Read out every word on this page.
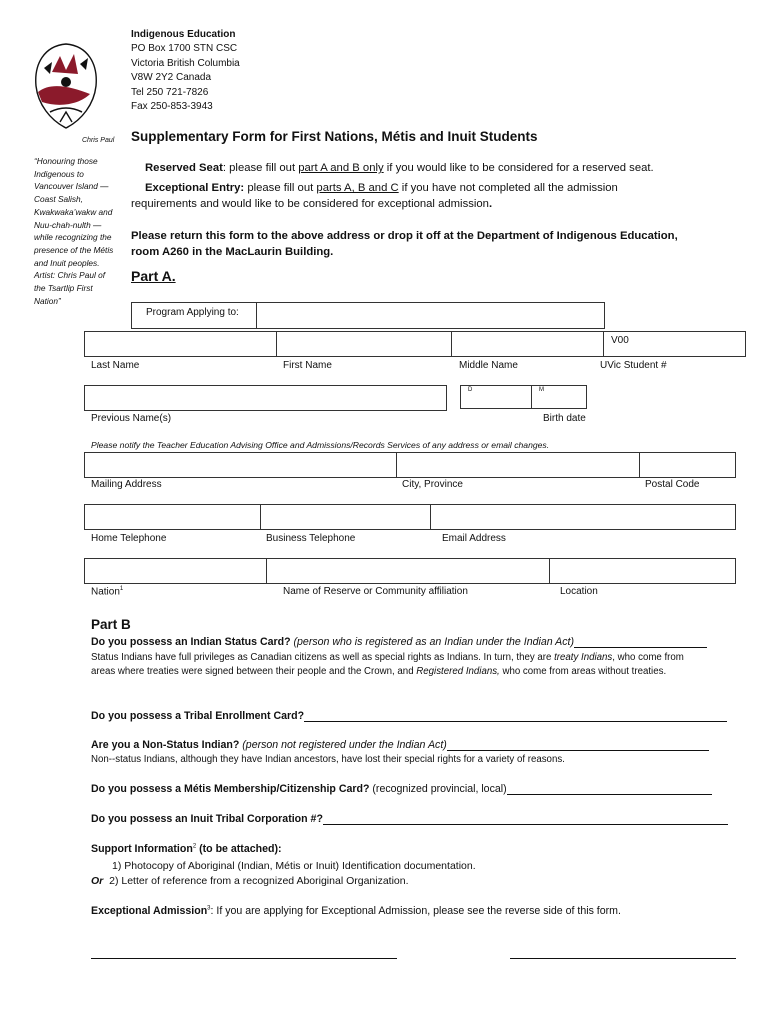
Indigenous Education
PO Box 1700 STN CSC
Victoria British Columbia
V8W 2Y2 Canada
Tel 250 721-7826
Fax 250-853-3943
Chris Paul
“Honouring those Indigenous to Vancouver Island — Coast Salish, Kwakwaka’wakw and Nuu-chah-nulth — while recognizing the presence of the Métis and Inuit peoples. Artist: Chris Paul of the Tsartlip First Nation”
Supplementary Form for First Nations, Métis and Inuit Students
Reserved Seat: please fill out part A and B only if you would like to be considered for a reserved seat.
Exceptional Entry: please fill out parts A, B and C if you have not completed all the admission requirements and would like to be considered for exceptional admission.
Please return this form to the above address or drop it off at the Department of Indigenous Education, room A260 in the MacLaurin Building.
Part A.
Program Applying to:
V00
Last Name	First Name	Middle Name	UVic Student #
D	M
Previous Name(s)	Birth date
Please notify the Teacher Education Advising Office and Admissions/Records Services of any address or email changes.
Mailing Address	City, Province	Postal Code
Home Telephone	Business Telephone	Email Address
Nation$^1$	Name of Reserve or Community affiliation	Location
Part B
Do you possess an Indian Status Card? (person who is registered as an Indian under the Indian Act)
Status Indians have full privileges as Canadian citizens as well as special rights as Indians. In turn, they are treaty Indians, who come from areas where treaties were signed between their people and the Crown, and Registered Indians, who come from areas without treaties.
Do you possess a Tribal Enrollment Card?
Are you a Non-Status Indian? (person not registered under the Indian Act)
Non--status Indians, although they have Indian ancestors, have lost their special rights for a variety of reasons.
Do you possess a Métis Membership/Citizenship Card? (recognized provincial, local)
Do you possess an Inuit Tribal Corporation #?
Support Information$^2$ (to be attached):
1) Photocopy of Aboriginal (Indian, Métis or Inuit) Identification documentation.
Or 2) Letter of reference from a recognized Aboriginal Organization.
Exceptional Admission$^3$: If you are applying for Exceptional Admission, please see the reverse side of this form.
